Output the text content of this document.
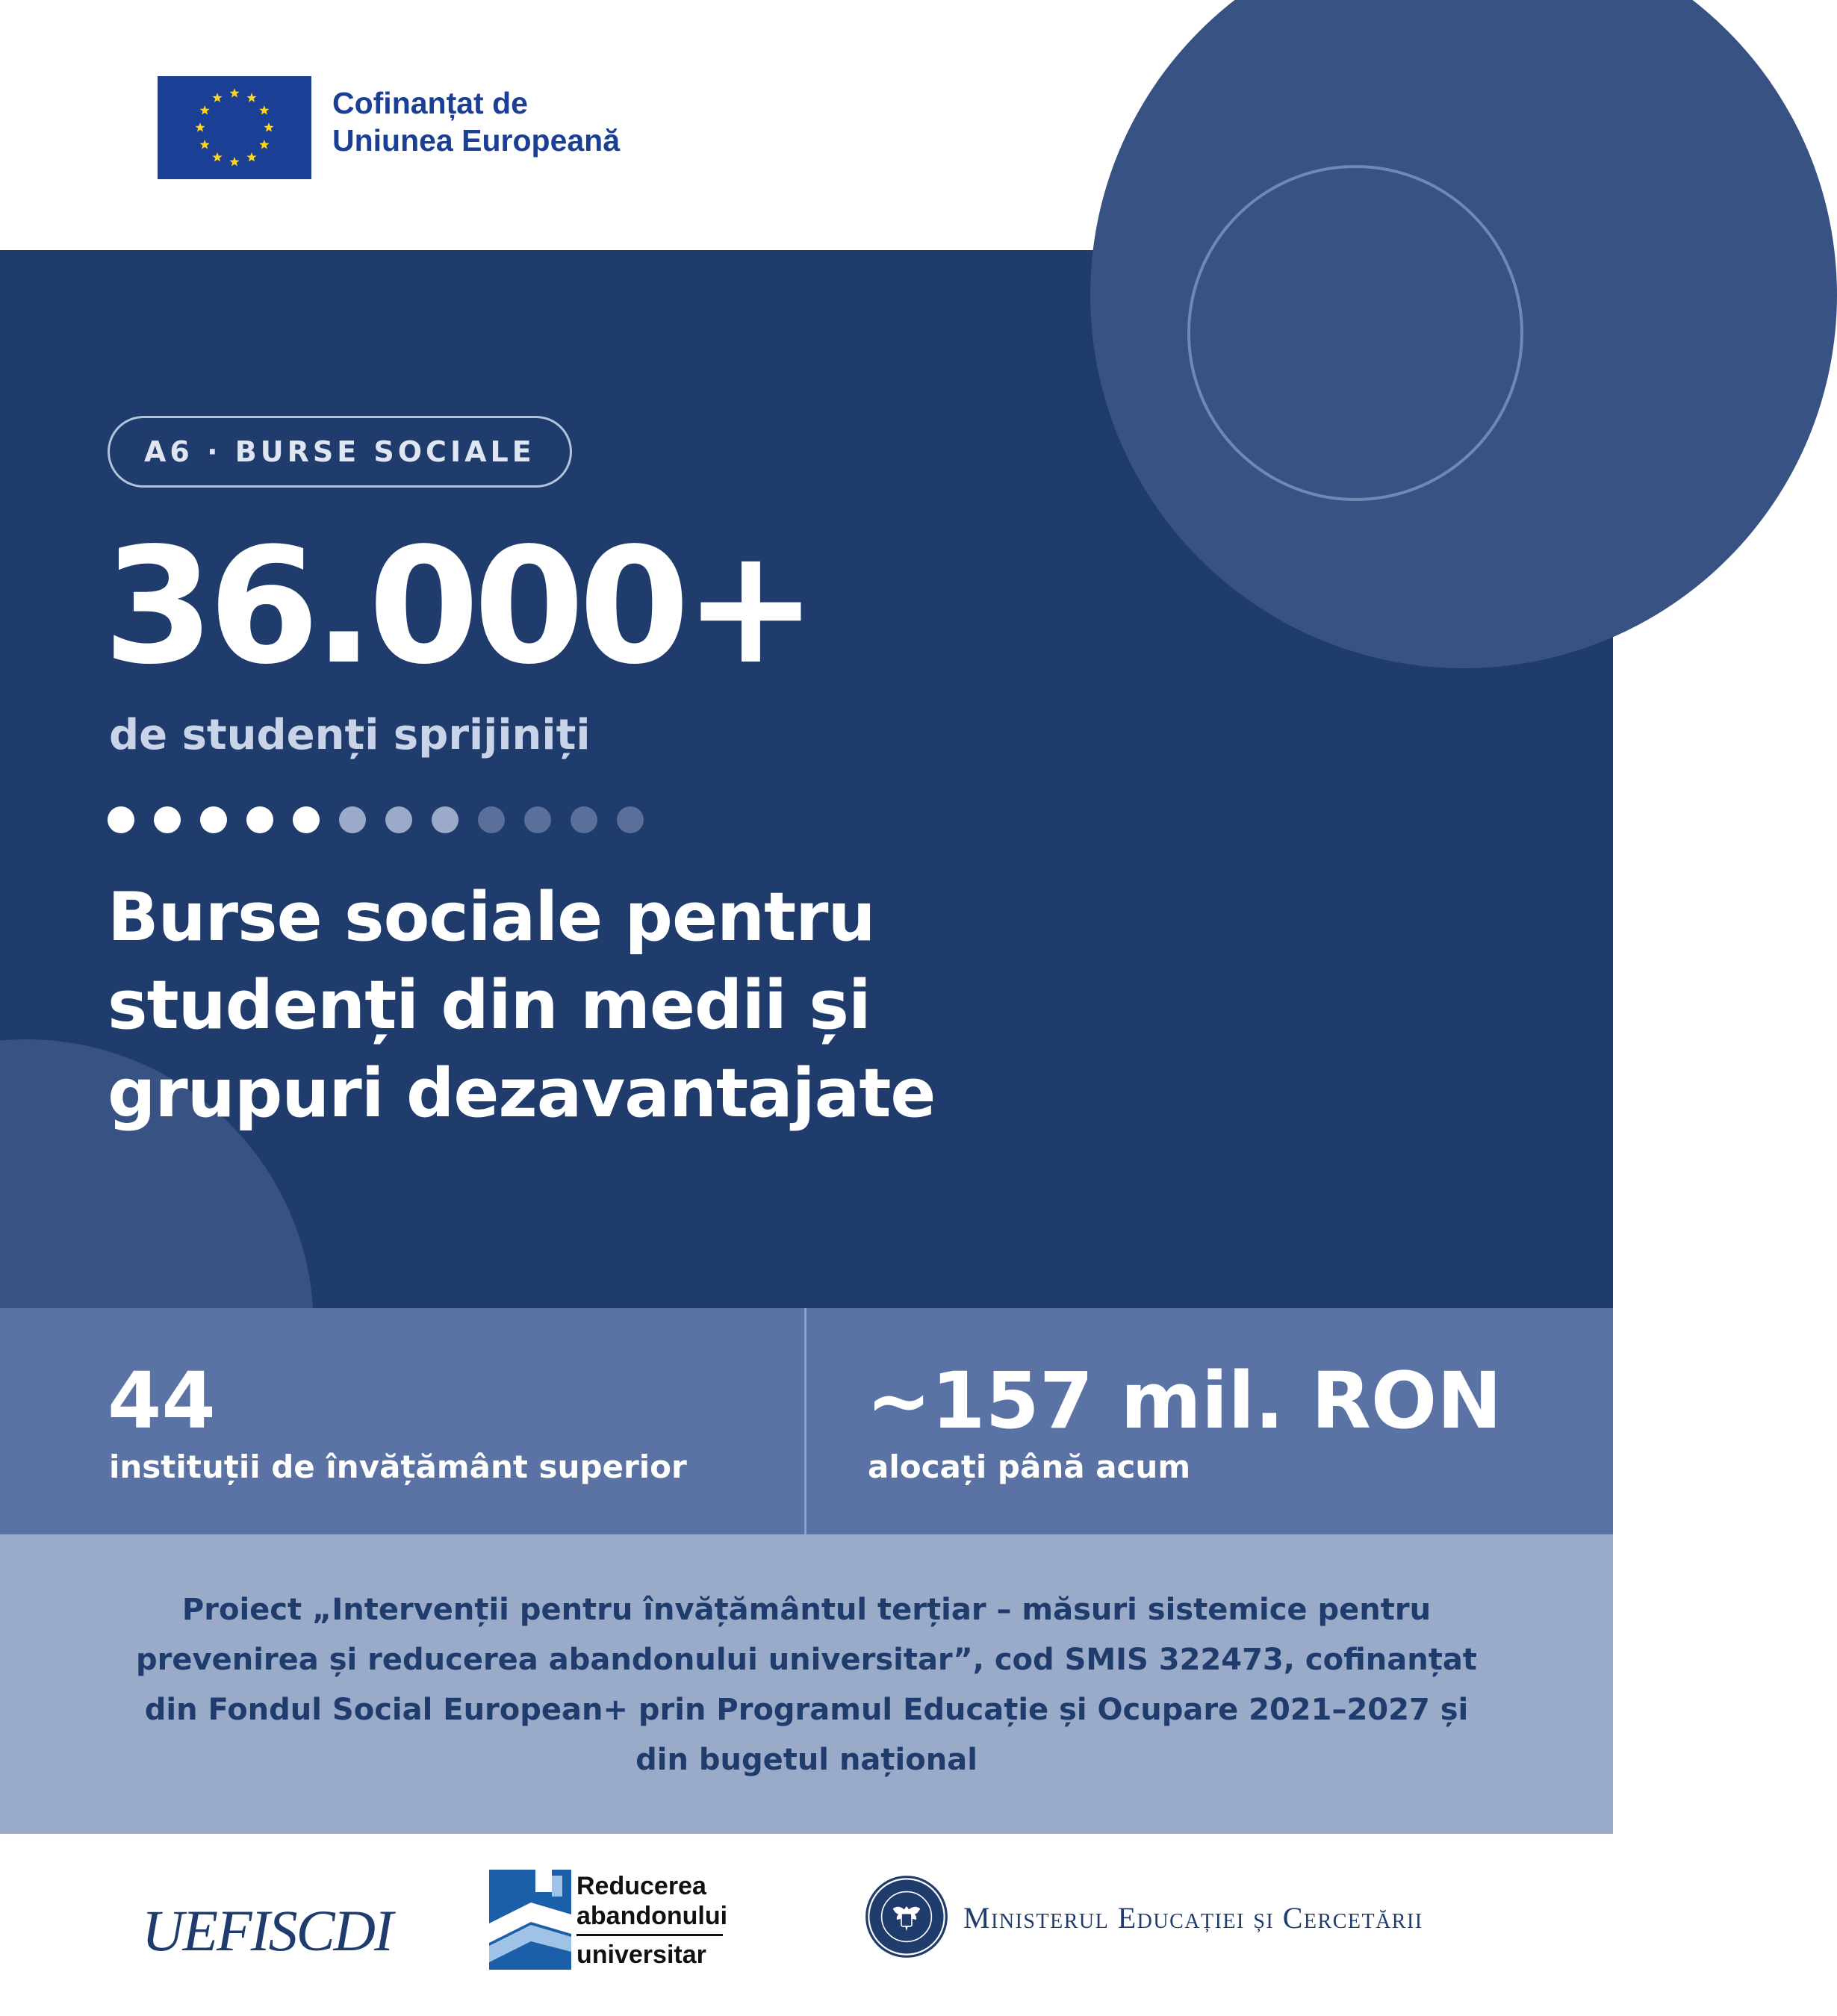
Cofinanțat de
Uniunea Europeană
A6 · BURSE SOCIALE
36.000+
de studenți sprijiniți
Burse sociale pentru
studenți din medii și
grupuri dezavantajate
44
instituții de învățământ superior
~157 mil. RON
alocați până acum
Proiect „Intervenții pentru învățământul terțiar – măsuri sistemice pentru
prevenirea și reducerea abandonului universitar”, cod SMIS 322473, cofinanțat
din Fondul Social European+ prin Programul Educație și Ocupare 2021–2027 și
din bugetul național
UEFISCDI
Reducerea
abandonului
universitar
Ministerul Educației și Cercetării
